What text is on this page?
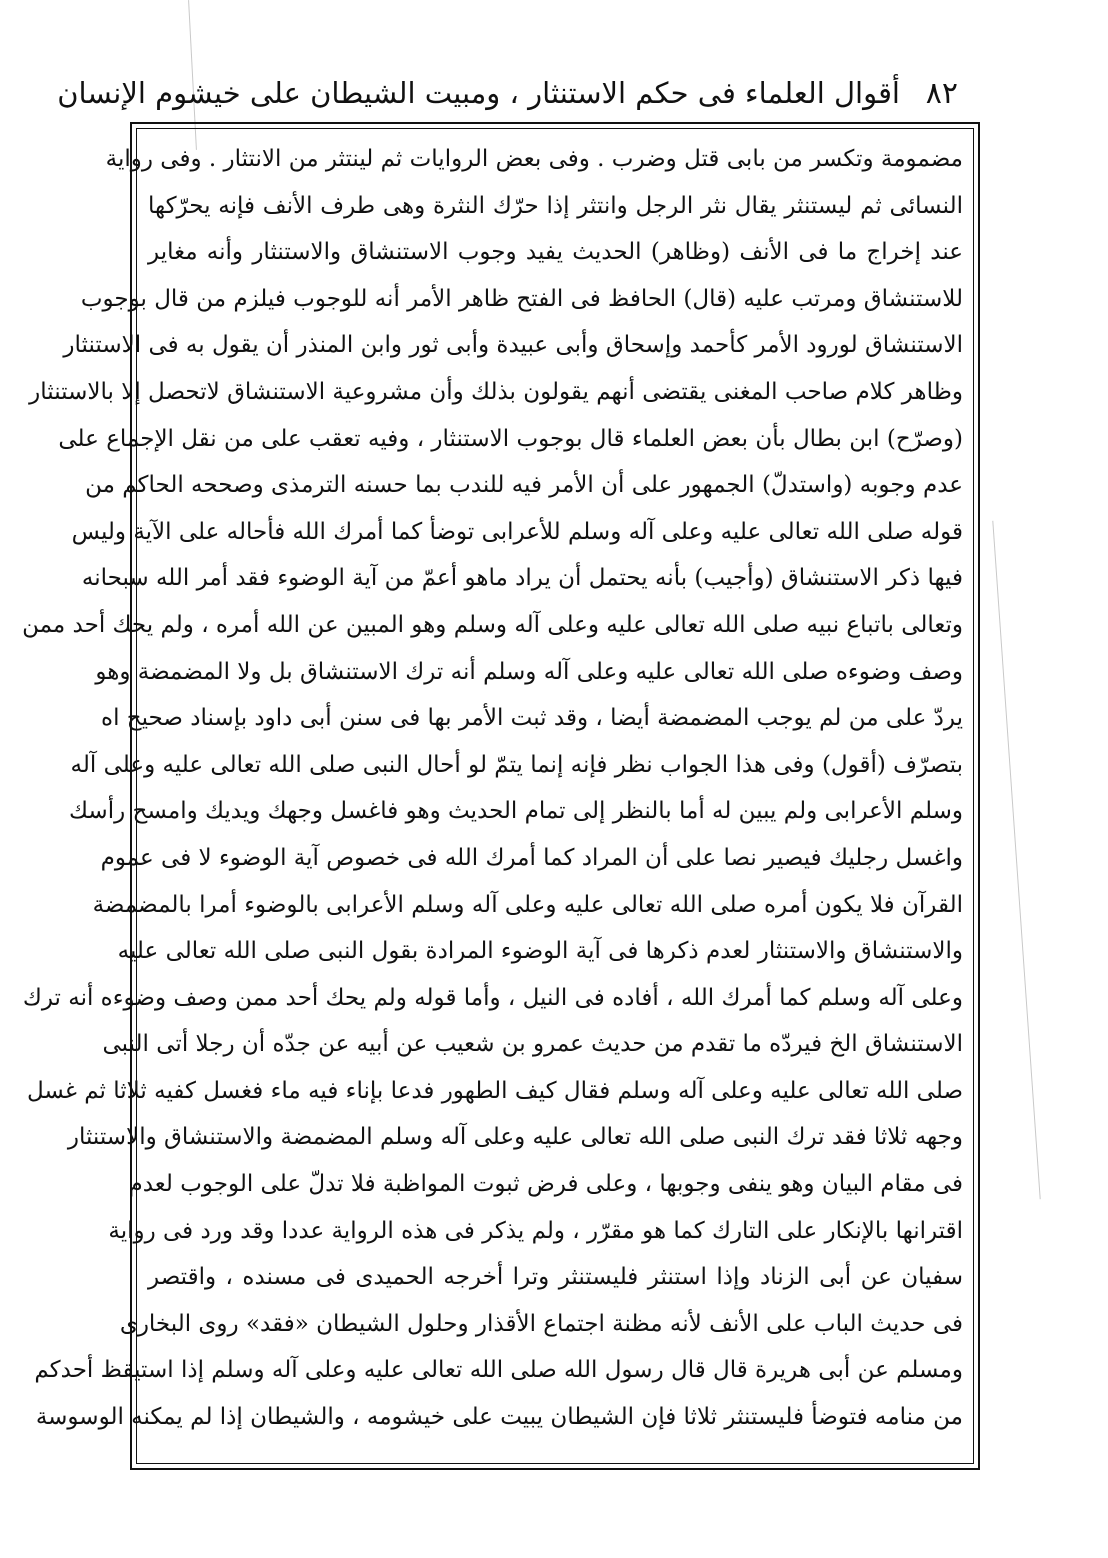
٨٢
أقوال العلماء فى حكم الاستنثار ، ومبيت الشيطان على خيشوم الإنسان
مضمومة وتكسر من بابى قتل وضرب . وفى بعض الروايات ثم لينتثر من الانتثار . وفى رواية
النسائى ثم ليستنثر يقال نثر الرجل وانتثر إذا حرّك النثرة وهى طرف الأنف فإنه يحرّكها
عند إخراج ما فى الأنف (وظاهر) الحديث يفيد وجوب الاستنشاق والاستنثار وأنه مغاير
للاستنشاق ومرتب عليه (قال) الحافظ فى الفتح ظاهر الأمر أنه للوجوب فيلزم من قال بوجوب
الاستنشاق لورود الأمر كأحمد وإسحاق وأبى عبيدة وأبى ثور وابن المنذر أن يقول به فى الاستنثار
وظاهر كلام صاحب المغنى يقتضى أنهم يقولون بذلك وأن مشروعية الاستنشاق لاتحصل إلا بالاستنثار
(وصرّح) ابن بطال بأن بعض العلماء قال بوجوب الاستنثار ، وفيه تعقب على من نقل الإجماع على
عدم وجوبه (واستدلّ) الجمهور على أن الأمر فيه للندب بما حسنه الترمذى وصححه الحاكم من
قوله صلى الله تعالى عليه وعلى آله وسلم للأعرابى توضأ كما أمرك الله فأحاله على الآية وليس
فيها ذكر الاستنشاق (وأجيب) بأنه يحتمل أن يراد ماهو أعمّ من آية الوضوء فقد أمر الله سبحانه
وتعالى باتباع نبيه صلى الله تعالى عليه وعلى آله وسلم وهو المبين عن الله أمره ، ولم يحك أحد ممن
وصف وضوءه صلى الله تعالى عليه وعلى آله وسلم أنه ترك الاستنشاق بل ولا المضمضة وهو
يردّ على من لم يوجب المضمضة أيضا ، وقد ثبت الأمر بها فى سنن أبى داود بإسناد صحيح اه
بتصرّف (أقول) وفى هذا الجواب نظر فإنه إنما يتمّ لو أحال النبى صلى الله تعالى عليه وعلى آله
وسلم الأعرابى ولم يبين له أما بالنظر إلى تمام الحديث وهو فاغسل وجهك ويديك وامسح رأسك
واغسل رجليك فيصير نصا على أن المراد كما أمرك الله فى خصوص آية الوضوء لا فى عموم
القرآن فلا يكون أمره صلى الله تعالى عليه وعلى آله وسلم الأعرابى بالوضوء أمرا بالمضمضة
والاستنشاق والاستنثار لعدم ذكرها فى آية الوضوء المرادة بقول النبى صلى الله تعالى عليه
وعلى آله وسلم كما أمرك الله ، أفاده فى النيل ، وأما قوله ولم يحك أحد ممن وصف وضوءه أنه ترك
الاستنشاق الخ فيردّه ما تقدم من حديث عمرو بن شعيب عن أبيه عن جدّه أن رجلا أتى النبى
صلى الله تعالى عليه وعلى آله وسلم فقال كيف الطهور فدعا بإناء فيه ماء فغسل كفيه ثلاثا ثم غسل
وجهه ثلاثا فقد ترك النبى صلى الله تعالى عليه وعلى آله وسلم المضمضة والاستنشاق والاستنثار
فى مقام البيان وهو ينفى وجوبها ، وعلى فرض ثبوت المواظبة فلا تدلّ على الوجوب لعدم
اقترانها بالإنكار على التارك كما هو مقرّر ، ولم يذكر فى هذه الرواية عددا وقد ورد فى رواية
سفيان عن أبى الزناد وإذا استنثر فليستنثر وترا أخرجه الحميدى فى مسنده ، واقتصر
فى حديث الباب على الأنف لأنه مظنة اجتماع الأقذار وحلول الشيطان «فقد» روى البخارى
ومسلم عن أبى هريرة قال قال رسول الله صلى الله تعالى عليه وعلى آله وسلم إذا استيقظ أحدكم
من منامه فتوضأ فليستنثر ثلاثا فإن الشيطان يبيت على خيشومه ، والشيطان إذا لم يمكنه الوسوسة
